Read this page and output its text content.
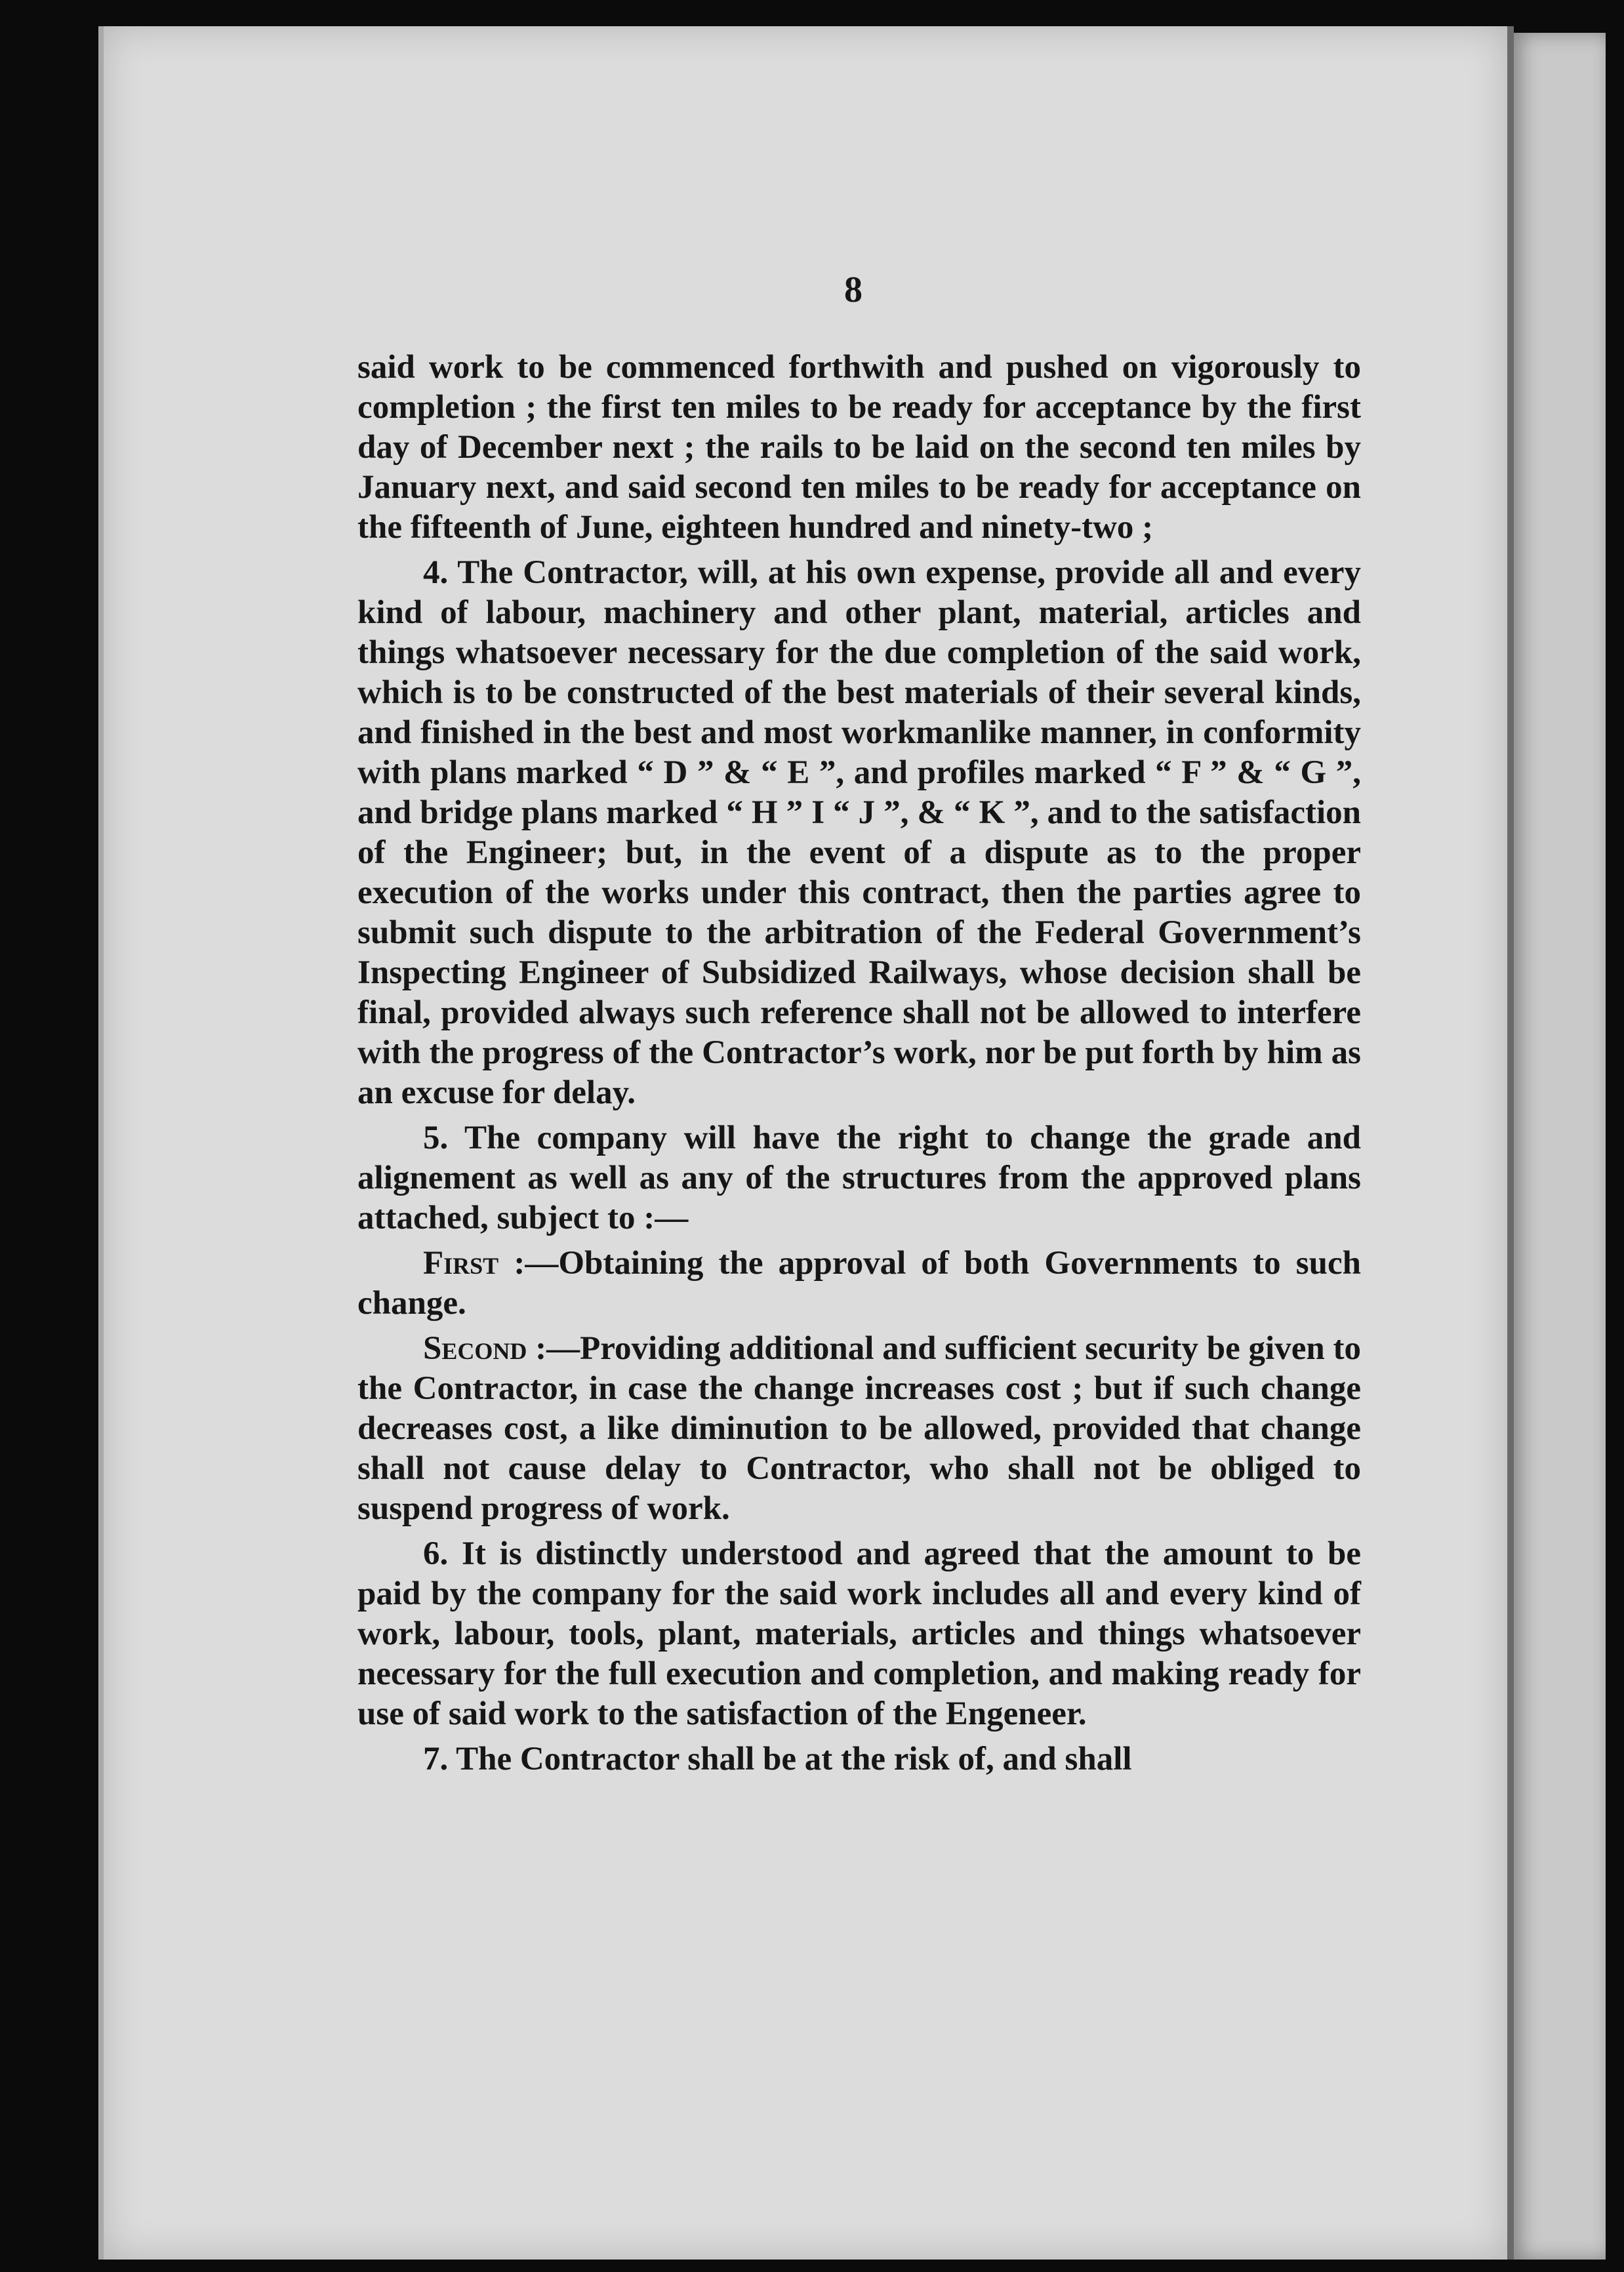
8

said work to be commenced forthwith and pushed on vigorously to completion ; the first ten miles to be ready for acceptance by the first day of December next ; the rails to be laid on the second ten miles by January next, and said second ten miles to be ready for acceptance on the fifteenth of June, eighteen hundred and ninety-two ;

4. The Contractor, will, at his own expense, provide all and every kind of labour, machinery and other plant, material, articles and things whatsoever necessary for the due completion of the said work, which is to be constructed of the best materials of their several kinds, and finished in the best and most workmanlike manner, in conformity with plans marked “ D ” & “ E ”, and profiles marked “ F ” & “ G ”, and bridge plans marked “ H ” I “ J ”, & “ K ”, and to the satisfaction of the Engineer; but, in the event of a dispute as to the proper execution of the works under this contract, then the parties agree to submit such dispute to the arbitration of the Federal Government’s Inspecting Engineer of Subsidized Railways, whose decision shall be final, provided always such reference shall not be allowed to interfere with the progress of the Contractor’s work, nor be put forth by him as an excuse for delay.

5. The company will have the right to change the grade and alignement as well as any of the structures from the approved plans attached, subject to :—

First :—Obtaining the approval of both Governments to such change.

Second :—Providing additional and sufficient security be given to the Contractor, in case the change increases cost ; but if such change decreases cost, a like diminution to be allowed, provided that change shall not cause delay to Contractor, who shall not be obliged to suspend progress of work.

6. It is distinctly understood and agreed that the amount to be paid by the company for the said work includes all and every kind of work, labour, tools, plant, materials, articles and things whatsoever necessary for the full execution and completion, and making ready for use of said work to the satisfaction of the Engeneer.

7. The Contractor shall be at the risk of, and shall
